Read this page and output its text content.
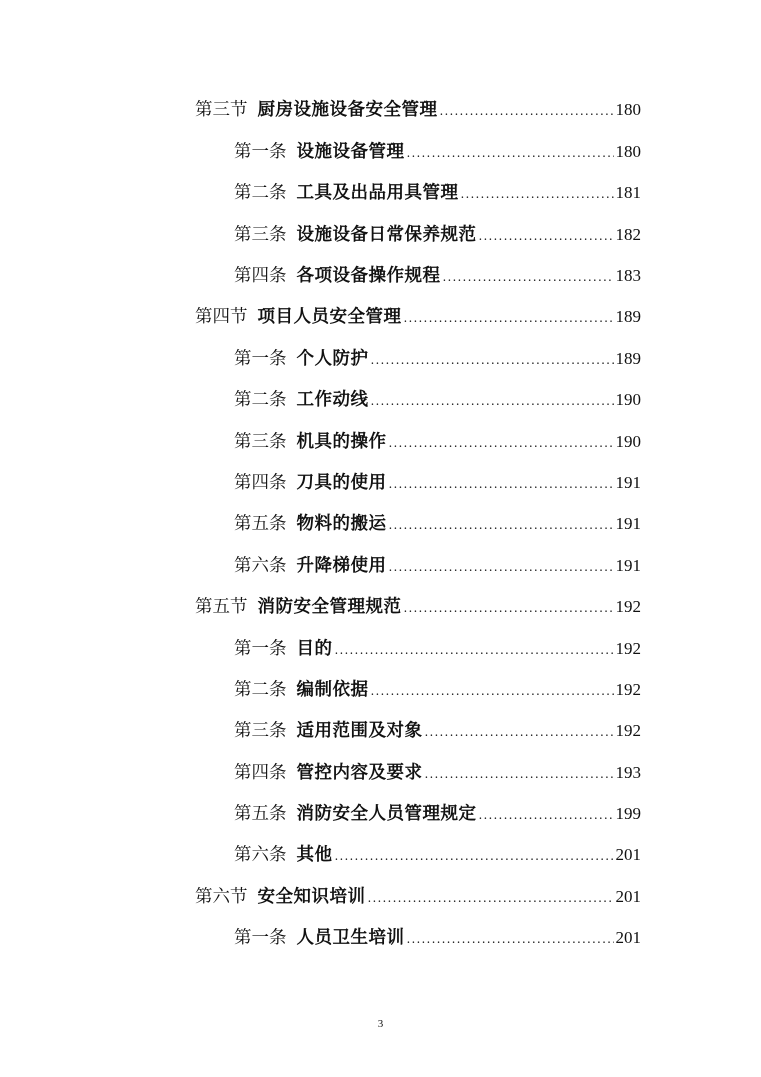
第三节 厨房设施设备安全管理 .....	180
第一条 设施设备管理 .....	180
第二条 工具及出品用具管理 .....	181
第三条 设施设备日常保养规范 .....	182
第四条 各项设备操作规程 .....	183
第四节 项目人员安全管理 .....	189
第一条 个人防护 .....	189
第二条 工作动线 .....	190
第三条 机具的操作 .....	190
第四条 刀具的使用 .....	191
第五条 物料的搬运 .....	191
第六条 升降梯使用 .....	191
第五节 消防安全管理规范 .....	192
第一条 目的 .....	192
第二条 编制依据 .....	192
第三条 适用范围及对象 .....	192
第四条 管控内容及要求 .....	193
第五条 消防安全人员管理规定 .....	199
第六条 其他 .....	201
第六节 安全知识培训 .....	201
第一条 人员卫生培训 .....	201
3
